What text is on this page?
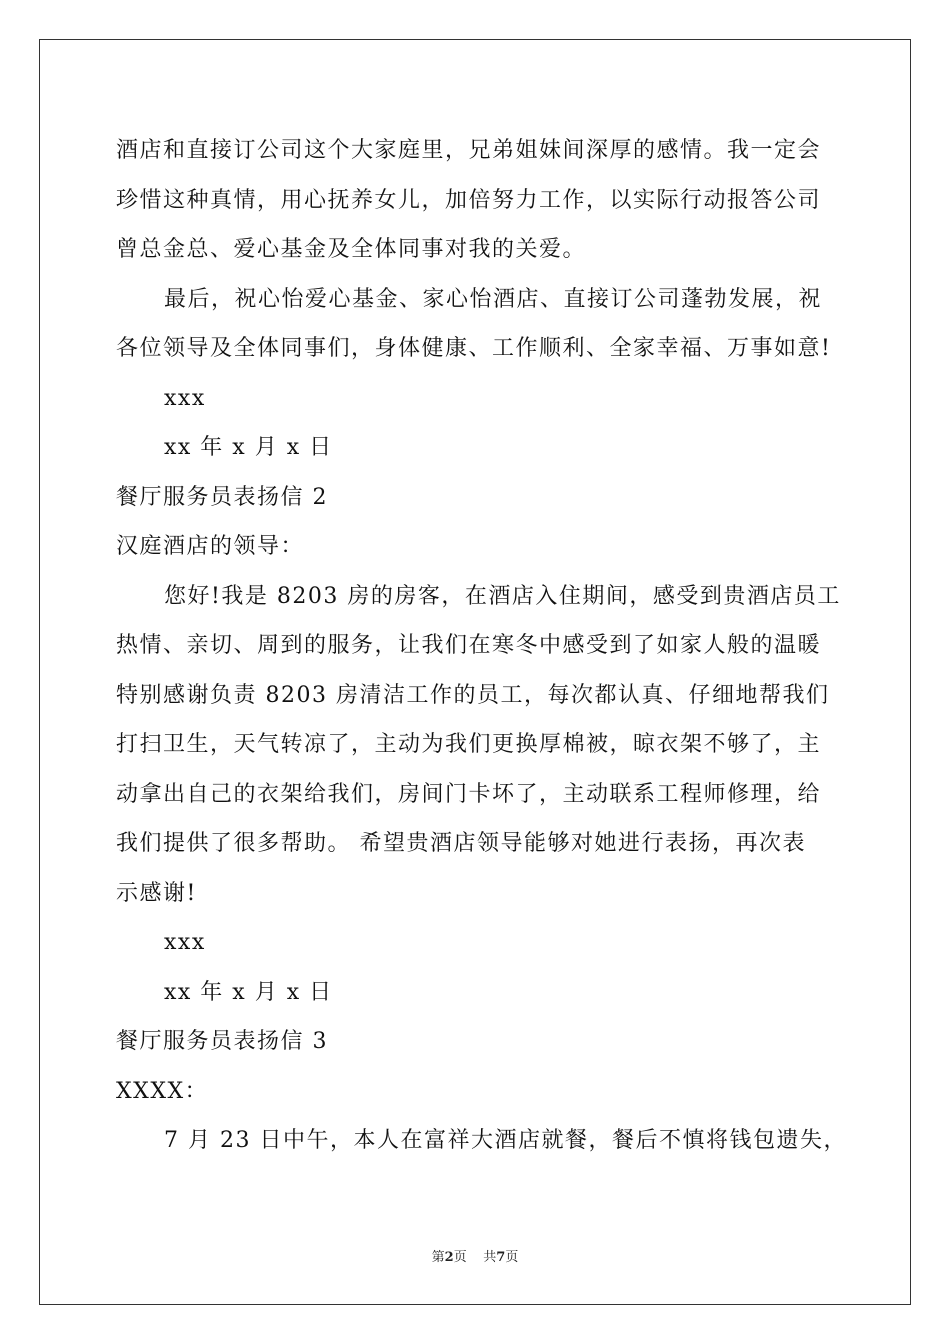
酒店和直接订公司这个大家庭里，兄弟姐妹间深厚的感情。我一定会
珍惜这种真情，用心抚养女儿，加倍努力工作，以实际行动报答公司
曾总金总、爱心基金及全体同事对我的关爱。
最后，祝心怡爱心基金、家心怡酒店、直接订公司蓬勃发展，祝
各位领导及全体同事们，身体健康、工作顺利、全家幸福、万事如意!
xxx
xx 年 x 月 x 日
餐厅服务员表扬信 2
汉庭酒店的领导：
您好!我是 8203 房的房客，在酒店入住期间，感受到贵酒店员工
热情、亲切、周到的服务，让我们在寒冬中感受到了如家人般的温暖
特别感谢负责 8203 房清洁工作的员工，每次都认真、仔细地帮我们
打扫卫生，天气转凉了，主动为我们更换厚棉被，晾衣架不够了，主
动拿出自己的衣架给我们，房间门卡坏了，主动联系工程师修理，给
我们提供了很多帮助。 希望贵酒店领导能够对她进行表扬，再次表
示感谢!
xxx
xx 年 x 月 x 日
餐厅服务员表扬信 3
XXXX：
7 月 23 日中午，本人在富祥大酒店就餐，餐后不慎将钱包遗失，
第2页 共7页
